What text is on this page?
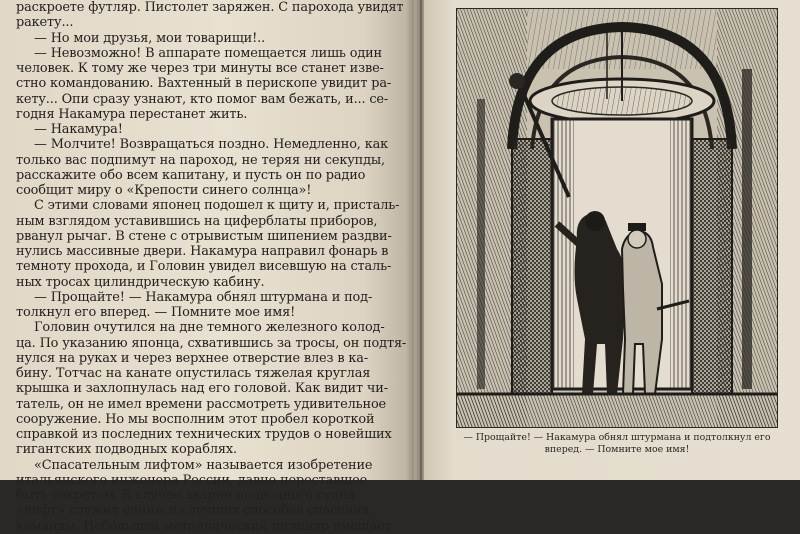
раскроете футляр. Пистолет заряжен. С парохода увидят
ракету...
— Но мои друзья, мои товарищи!..
— Невозможно! В аппарате помещается лишь один
человек. К тому же через три минуты все станет изве-
стно командованию. Вахтенный в перископе увидит ра-
кету... Опи сразу узнают, кто помог вам бежать, и... се-
годня Накамура перестанет жить.
— Накамура!
— Молчите! Возвращаться поздно. Немедленно, как
только вас подпимут на пароход, не теряя ни секупды,
расскажите обо всем капитану, и пусть он по радио
сообщит миру о «Крепости синего солнца»!
С этими словами японец подошел к щиту и, присталь-
ным взглядом уставившись на циферблаты приборов,
рванул рычаг. В стене с отрывистым шипением раздви-
нулись массивные двери. Накамура направил фонарь в
темноту прохода, и Головин увидел висевшую на сталь-
ных тросах цилиндрическую кабину.
— Прощайте! — Накамура обнял штурмана и под-
толкнул его вперед. — Помните мое имя!
Головин очутился на дне темного железного колод-
ца. По указанию японца, схватившись за тросы, он подтя-
нулся на руках и через верхнее отверстие влез в ка-
бину. Тотчас на канате опустилась тяжелая круглая
крышка и захлопнулась над его головой. Как видит чи-
татель, он не имел времени рассмотреть удивительное
сооружение. Но мы восполним этот пробел короткой
справкой из последних технических трудов о новейших
гигантских подводных кораблях.
«Спасательным лифтом» называется изобретение
итальянского инженера России, давно переставшее
быть секретом. В случае аварии подводного судна
«лифт» служит одним из лучших способов спасения
команды. Небольшой металлический цилиндр вмещает
— Прощайте! — Накамура обнял штурмана и подтолкнул его
вперед. — Помните мое имя!
